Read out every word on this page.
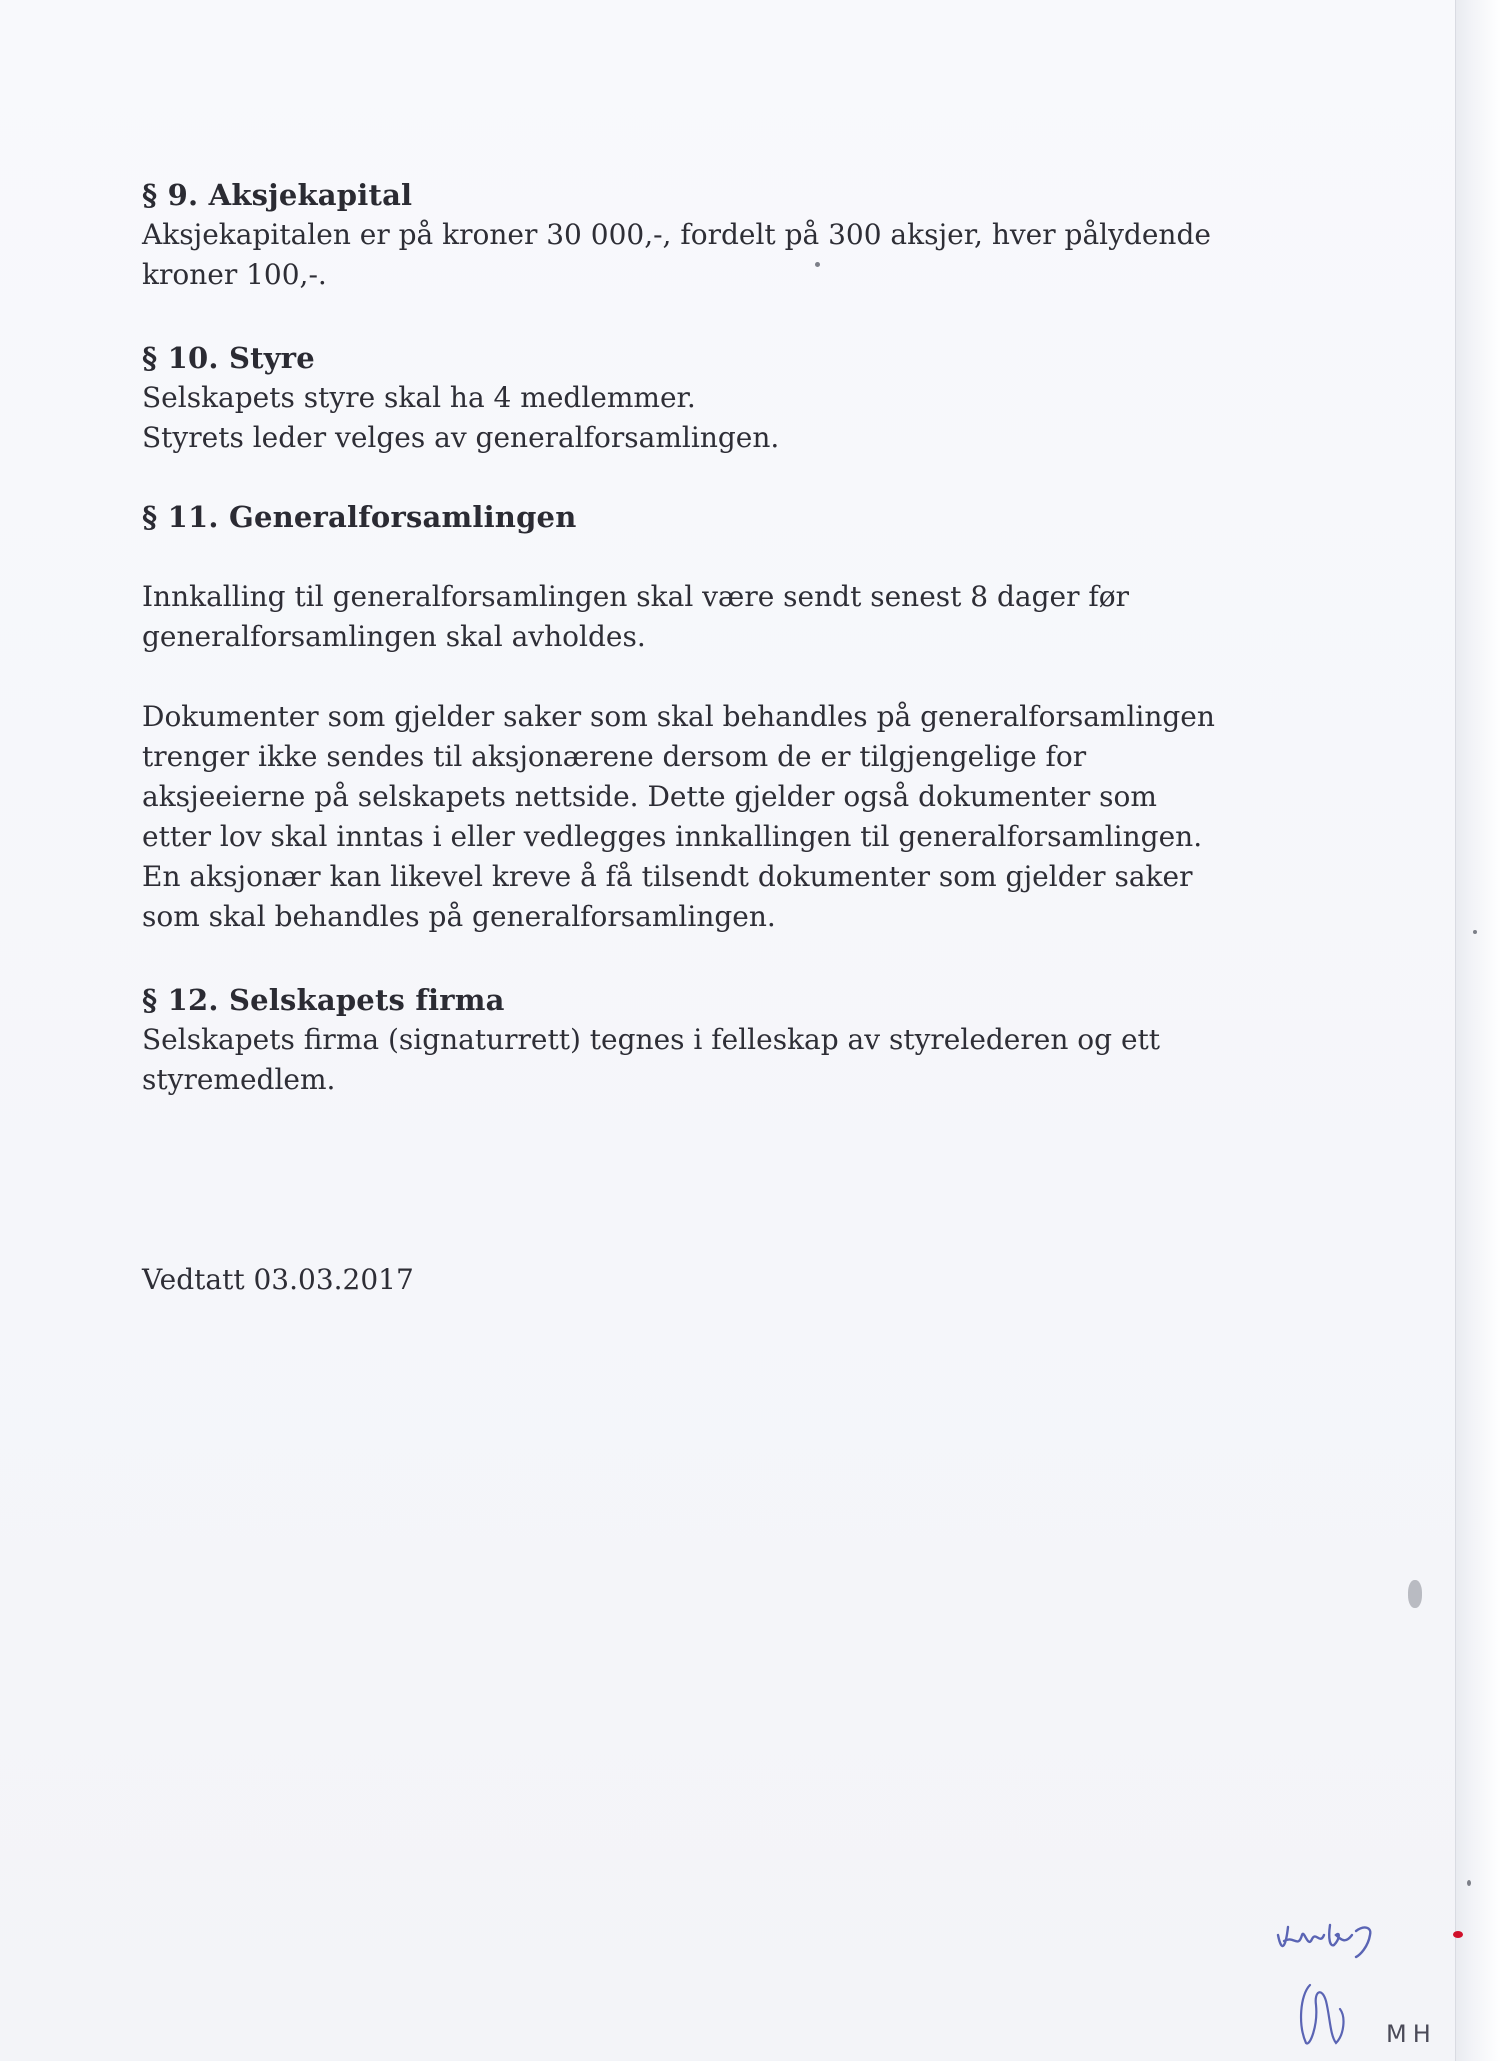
§ 9. Aksjekapital

Aksjekapitalen er på kroner 30 000,-, fordelt på 300 aksjer, hver pålydende
kroner 100,-.

§ 10. Styre

Selskapets styre skal ha 4 medlemmer.
Styrets leder velges av generalforsamlingen.

§ 11. Generalforsamlingen

Innkalling til generalforsamlingen skal være sendt senest 8 dager før
generalforsamlingen skal avholdes.

Dokumenter som gjelder saker som skal behandles på generalforsamlingen
trenger ikke sendes til aksjonærene dersom de er tilgjengelige for
aksjeeierne på selskapets nettside. Dette gjelder også dokumenter som
etter lov skal inntas i eller vedlegges innkallingen til generalforsamlingen.
En aksjonær kan likevel kreve å få tilsendt dokumenter som gjelder saker
som skal behandles på generalforsamlingen.

§ 12. Selskapets firma

Selskapets firma (signaturrett) tegnes i felleskap av styrelederen og ett
styremedlem.

Vedtatt 03.03.2017

MH
